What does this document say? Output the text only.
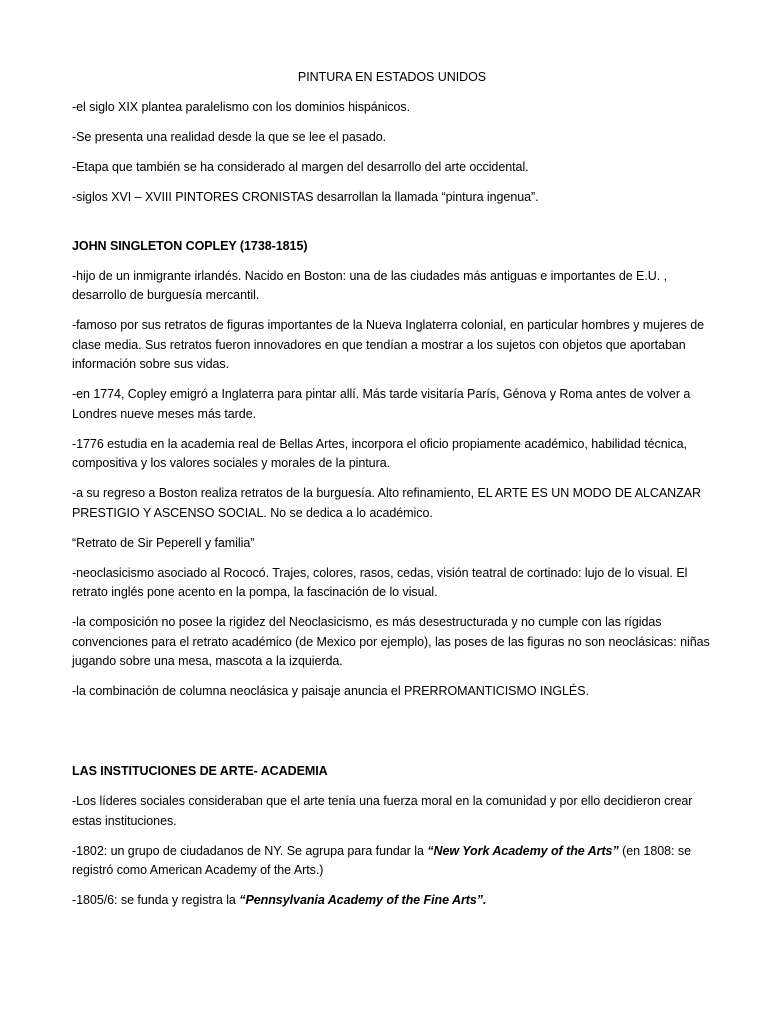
PINTURA EN ESTADOS UNIDOS

-el siglo XIX plantea paralelismo con los dominios hispánicos.

-Se presenta una realidad desde la que se lee el pasado.

-Etapa que también se ha considerado al margen del desarrollo del arte occidental.

-siglos XVI – XVIII PINTORES CRONISTAS desarrollan la llamada “pintura ingenua”.

JOHN SINGLETON COPLEY (1738-1815)

-hijo de un inmigrante irlandés. Nacido en Boston: una de las ciudades más antiguas e importantes de E.U. , desarrollo de burguesía mercantil.

-famoso por sus retratos de figuras importantes de la Nueva Inglaterra colonial, en particular hombres y mujeres de clase media. Sus retratos fueron innovadores en que tendían a mostrar a los sujetos con objetos que aportaban información sobre sus vidas.

-en 1774, Copley emigró a Inglaterra para pintar allí. Más tarde visitaría París, Génova y Roma antes de volver a Londres nueve meses más tarde.

-1776 estudia en la academia real de Bellas Artes, incorpora el oficio propiamente académico, habilidad técnica, compositiva y los valores sociales y morales de la pintura.

-a su regreso a Boston realiza retratos de la burguesía. Alto refinamiento, EL ARTE ES UN MODO DE ALCANZAR PRESTIGIO Y ASCENSO SOCIAL. No se dedica a lo académico.

“Retrato de Sir Peperell y familia”

-neoclasicismo asociado al Rococó. Trajes, colores, rasos, cedas, visión teatral de cortinado: lujo de lo visual. El retrato inglés pone acento en la pompa, la fascinación de lo visual.

-la composición no posee la rigidez del Neoclasicismo, es más desestructurada y no cumple con las rígidas convenciones para el retrato académico (de Mexico por ejemplo), las poses de las figuras no son neoclásicas: niñas jugando sobre una mesa, mascota a la izquierda.

-la combinación de columna neoclásica y paisaje anuncia el PRERROMANTICISMO INGLÉS.

LAS INSTITUCIONES DE ARTE- ACADEMIA

-Los líderes sociales consideraban que el arte tenía una fuerza moral en la comunidad y por ello decidieron crear estas instituciones.

-1802: un grupo de ciudadanos de NY. Se agrupa para fundar la “New York Academy of the Arts” (en 1808: se registró como American Academy of the Arts.)

-1805/6: se funda y registra la “Pennsylvania Academy of the Fine Arts”.
